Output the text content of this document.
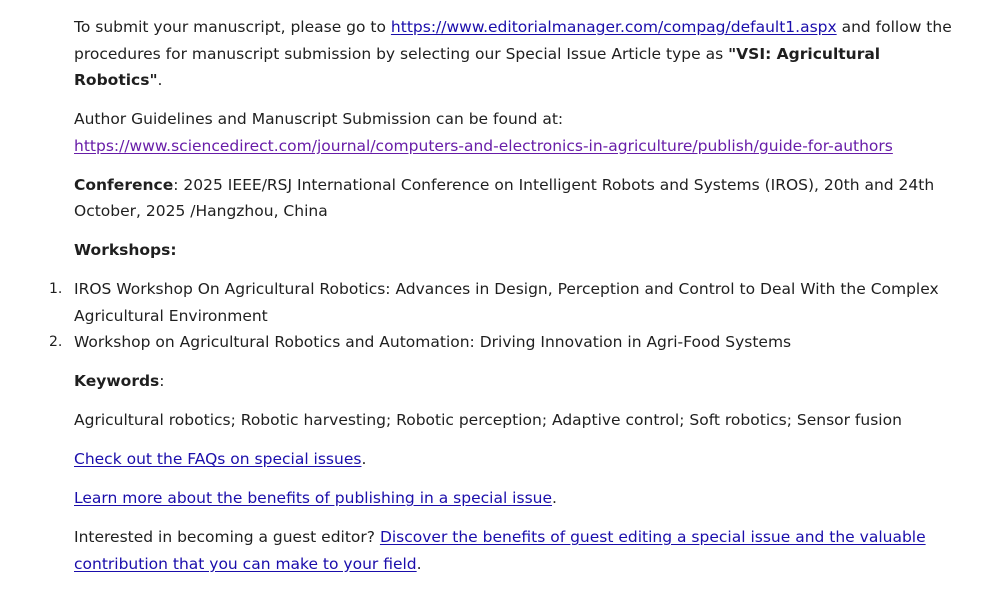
To submit your manuscript, please go to https://www.editorialmanager.com/compag/default1.aspx and follow the procedures for manuscript submission by selecting our Special Issue Article type as "VSI: Agricultural Robotics".

Author Guidelines and Manuscript Submission can be found at: https://www.sciencedirect.com/journal/computers-and-electronics-in-agriculture/publish/guide-for-authors

Conference: 2025 IEEE/RSJ International Conference on Intelligent Robots and Systems (IROS), 20th and 24th October, 2025 /Hangzhou, China

Workshops:

1. IROS Workshop On Agricultural Robotics: Advances in Design, Perception and Control to Deal With the Complex Agricultural Environment
2. Workshop on Agricultural Robotics and Automation: Driving Innovation in Agri-Food Systems

Keywords:

Agricultural robotics; Robotic harvesting; Robotic perception; Adaptive control; Soft robotics; Sensor fusion

Check out the FAQs on special issues.

Learn more about the benefits of publishing in a special issue.

Interested in becoming a guest editor? Discover the benefits of guest editing a special issue and the valuable contribution that you can make to your field.
